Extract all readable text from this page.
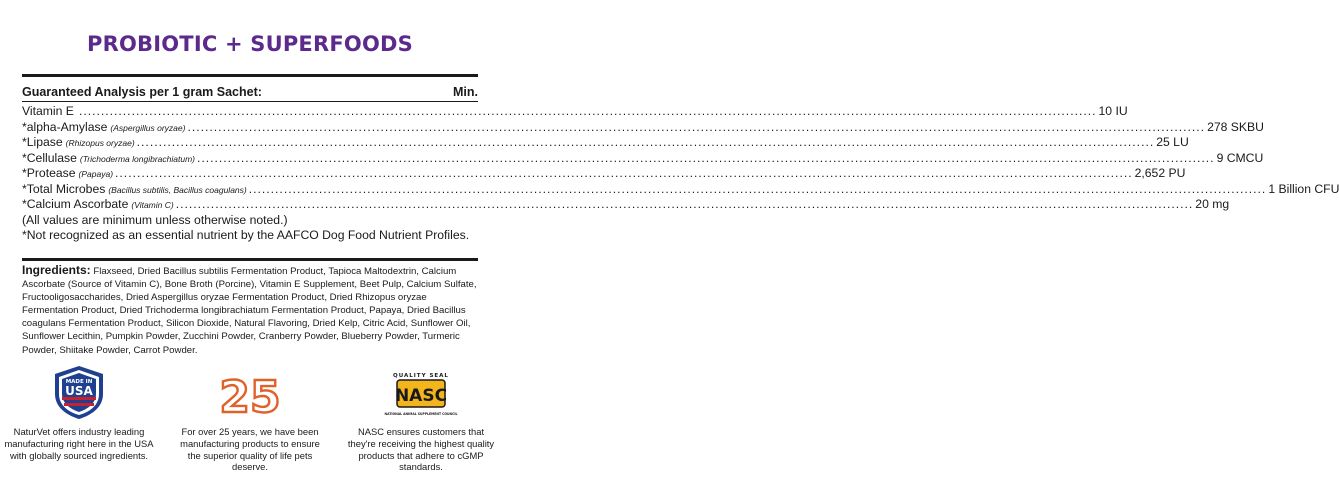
PROBIOTIC + SUPERFOODS
Guaranteed Analysis per 1 gram Sachet:	Min.
Vitamin E .....	10 IU
*alpha-Amylase (Aspergillus oryzae) .....	278 SKBU
*Lipase (Rhizopus oryzae) .....	25 LU
*Cellulase (Trichoderma longibrachiatum) .....	9 CMCU
*Protease (Papaya) .....	2,652 PU
*Total Microbes (Bacillus subtilis, Bacillus coagulans) .....	1 Billion CFU
*Calcium Ascorbate (Vitamin C) .....	20 mg
(All values are minimum unless otherwise noted.)
*Not recognized as an essential nutrient by the AAFCO Dog Food Nutrient Profiles.
Ingredients: Flaxseed, Dried Bacillus subtilis Fermentation Product, Tapioca Maltodextrin, Calcium Ascorbate (Source of Vitamin C), Bone Broth (Porcine), Vitamin E Supplement, Beet Pulp, Calcium Sulfate, Fructooligosaccharides, Dried Aspergillus oryzae Fermentation Product, Dried Rhizopus oryzae Fermentation Product, Dried Trichoderma longibrachiatum Fermentation Product, Papaya, Dried Bacillus coagulans Fermentation Product, Silicon Dioxide, Natural Flavoring, Dried Kelp, Citric Acid, Sunflower Oil, Sunflower Lecithin, Pumpkin Powder, Zucchini Powder, Cranberry Powder, Blueberry Powder, Turmeric Powder, Shiitake Powder, Carrot Powder.
MADE IN
USA
NaturVet offers industry leading manufacturing right here in the USA with globally sourced ingredients.
25
For over 25 years, we have been manufacturing products to ensure the superior quality of life pets deserve.
QUALITY SEAL
NASC
NATIONAL ANIMAL SUPPLEMENT COUNCIL
NASC ensures customers that they're receiving the highest quality products that adhere to cGMP standards.
